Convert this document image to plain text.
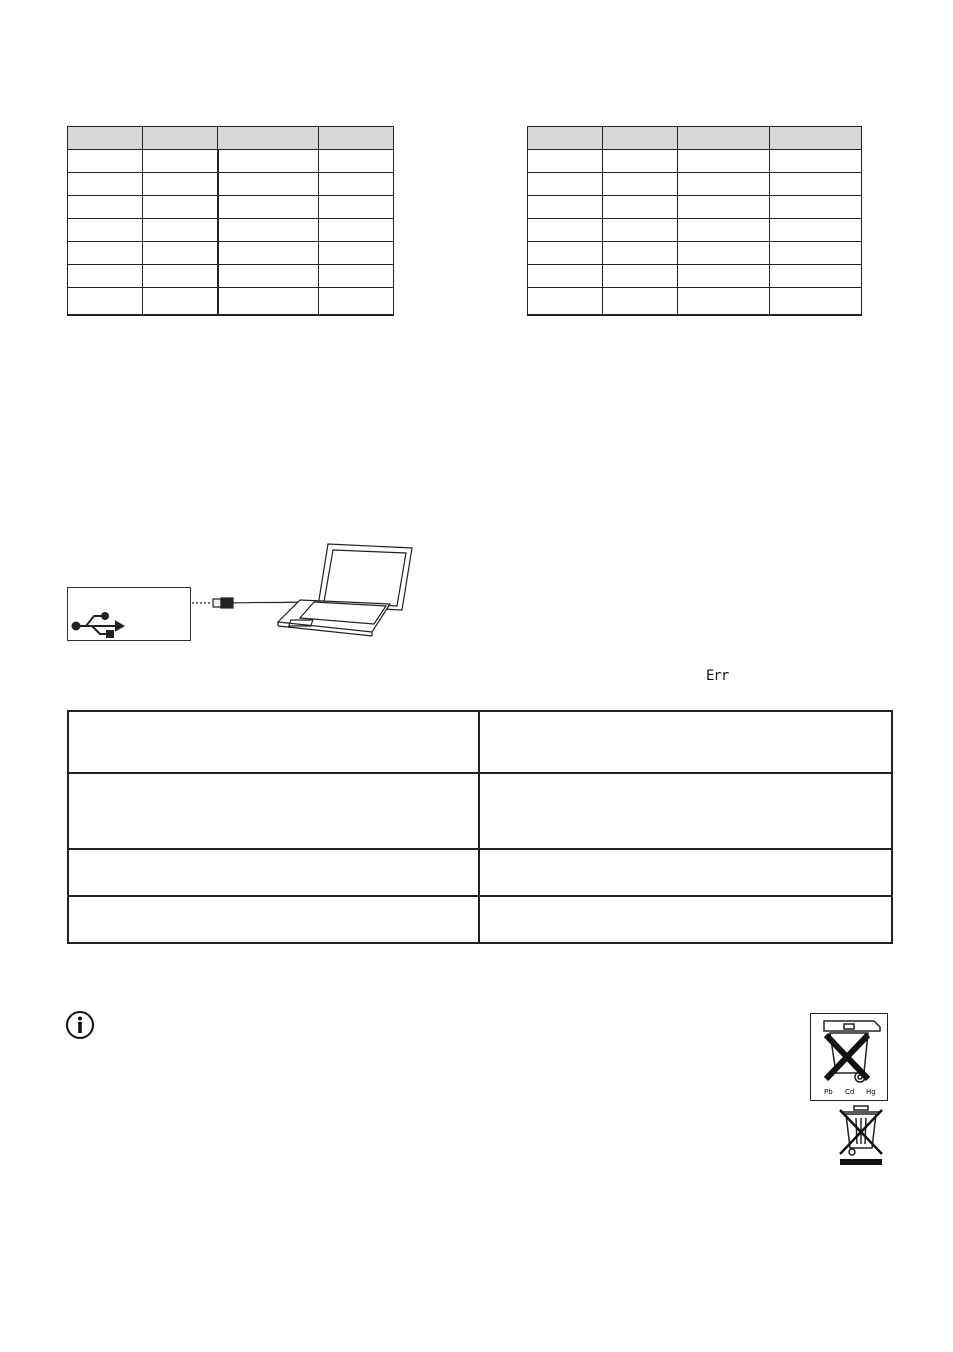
Err

Pb Cd Hg
